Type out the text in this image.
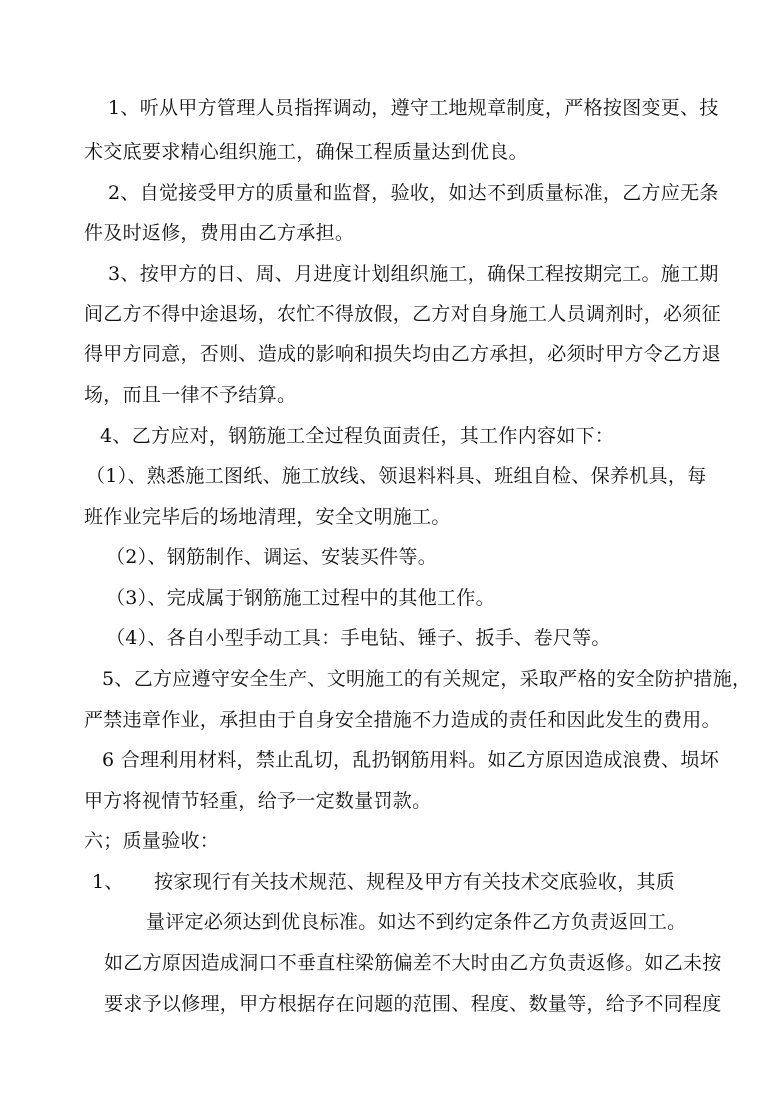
1、听从甲方管理人员指挥调动，遵守工地规章制度，严格按图变更、技
术交底要求精心组织施工，确保工程质量达到优良。
2、自觉接受甲方的质量和监督，验收，如达不到质量标准，乙方应无条
件及时返修，费用由乙方承担。
3、按甲方的日、周、月进度计划组织施工，确保工程按期完工。施工期
间乙方不得中途退场，农忙不得放假，乙方对自身施工人员调剂时，必须征
得甲方同意，否则、造成的影响和损失均由乙方承担，必须时甲方令乙方退
场，而且一律不予结算。
4、乙方应对，钢筋施工全过程负面责任，其工作内容如下：
（1）、熟悉施工图纸、施工放线、领退料料具、班组自检、保养机具，每
班作业完毕后的场地清理，安全文明施工。
（2）、钢筋制作、调运、安装买件等。
（3）、完成属于钢筋施工过程中的其他工作。
（4）、各自小型手动工具：手电钻、锤子、扳手、卷尺等。
5、乙方应遵守安全生产、文明施工的有关规定，采取严格的安全防护措施，
严禁违章作业，承担由于自身安全措施不力造成的责任和因此发生的费用。
6 合理利用材料，禁止乱切，乱扔钢筋用料。如乙方原因造成浪费、埙坏
甲方将视情节轻重，给予一定数量罚款。
六；质量验收：
1、 按家现行有关技术规范、规程及甲方有关技术交底验收，其质
量评定必须达到优良标准。如达不到约定条件乙方负责返回工。
如乙方原因造成洞口不垂直柱梁筋偏差不大时由乙方负责返修。如乙未按
要求予以修理，甲方根据存在问题的范围、程度、数量等，给予不同程度
